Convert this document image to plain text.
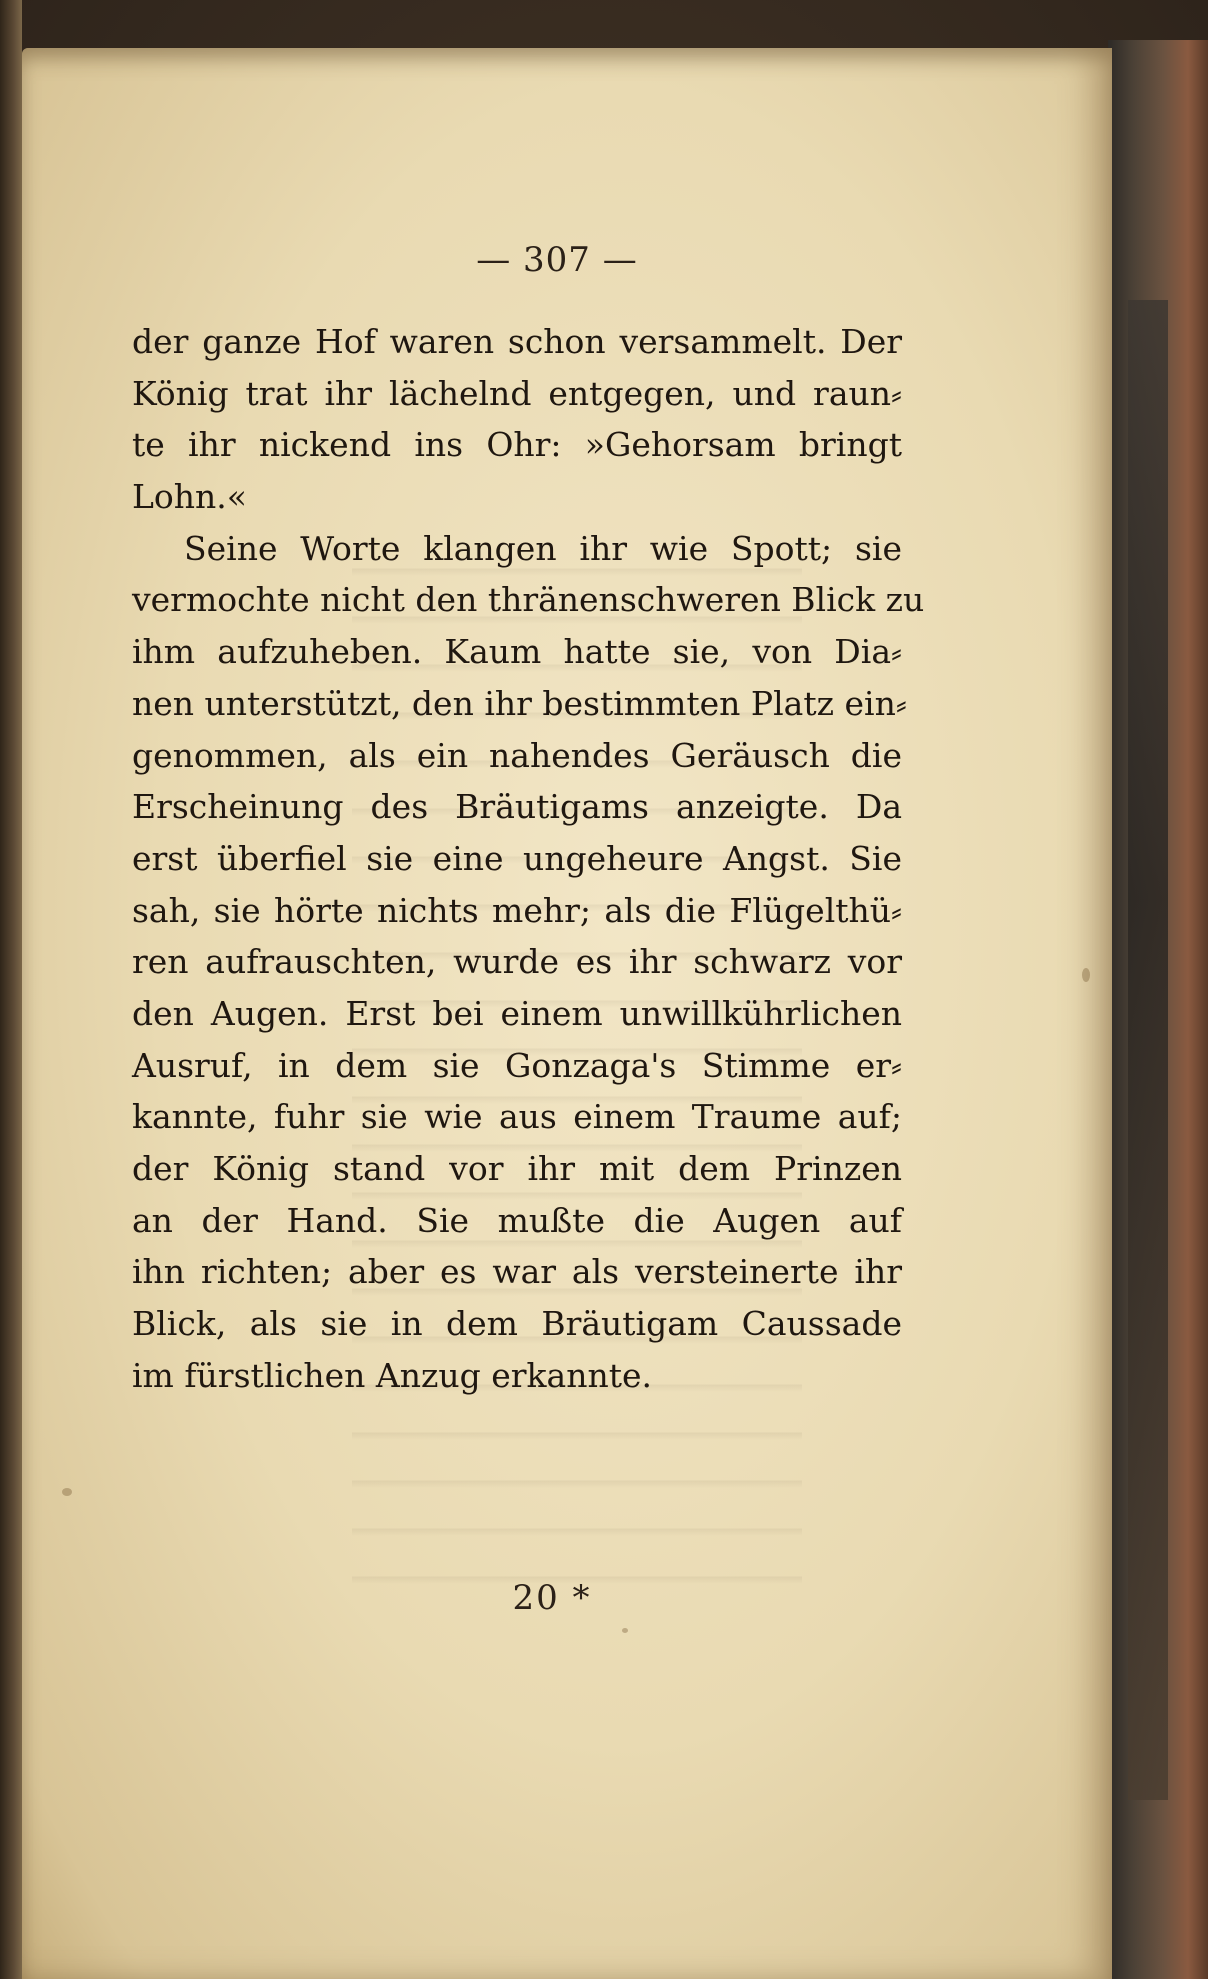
— 307 —
der ganze Hof waren schon versammelt. Der
König trat ihr lächelnd entgegen, und raun⸗
te ihr nickend ins Ohr: »Gehorsam bringt
Lohn.«
Seine Worte klangen ihr wie Spott; sie
vermochte nicht den thränenschweren Blick zu
ihm aufzuheben. Kaum hatte sie, von Dia⸗
nen unterstützt, den ihr bestimmten Platz ein⸗
genommen, als ein nahendes Geräusch die
Erscheinung des Bräutigams anzeigte. Da
erst überfiel sie eine ungeheure Angst. Sie
sah, sie hörte nichts mehr; als die Flügelthü⸗
ren aufrauschten, wurde es ihr schwarz vor
den Augen. Erst bei einem unwillkührlichen
Ausruf, in dem sie Gonzaga's Stimme er⸗
kannte, fuhr sie wie aus einem Traume auf;
der König stand vor ihr mit dem Prinzen
an der Hand. Sie mußte die Augen auf
ihn richten; aber es war als versteinerte ihr
Blick, als sie in dem Bräutigam Caussade
im fürstlichen Anzug erkannte.
20 *
